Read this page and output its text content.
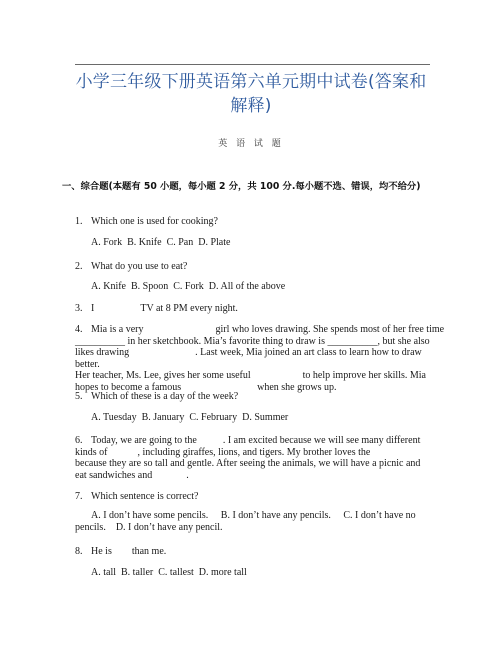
小学三年级下册英语第六单元期中试卷(答案和
解释)
英 语 试 题
一、综合题(本题有 50 小题，每小题 2 分，共 100 分.每小题不选、错误，均不给分)
1. Which one is used for cooking?
A. Fork B. Knife C. Pan D. Plate
2. What do you use to eat?
A. Knife B. Spoon C. Fork D. All of the above
3. I	TV at 8 PM every night.
4. Mia is a very	girl who loves drawing. She spends most of her free time
__________ in her sketchbook. Mia’s favorite thing to draw is __________, but she also
likes drawing	. Last week, Mia joined an art class to learn how to draw better.
Her teacher, Ms. Lee, gives her some useful	to help improve her skills. Mia
hopes to become a famous	when she grows up.
5. Which of these is a day of the week?
A. Tuesday B. January C. February D. Summer
6. Today, we are going to the	. I am excited because we will see many different
kinds of	, including giraffes, lions, and tigers. My brother loves the
because they are so tall and gentle. After seeing the animals, we will have a picnic and
eat sandwiches and	.
7. Which sentence is correct?
A. I don’t have some pencils.     B. I don’t have any pencils.     C. I don’t have no
pencils.    D. I don’t have any pencil.
8. He is than me.
A. tall B. taller C. tallest D. more tall
